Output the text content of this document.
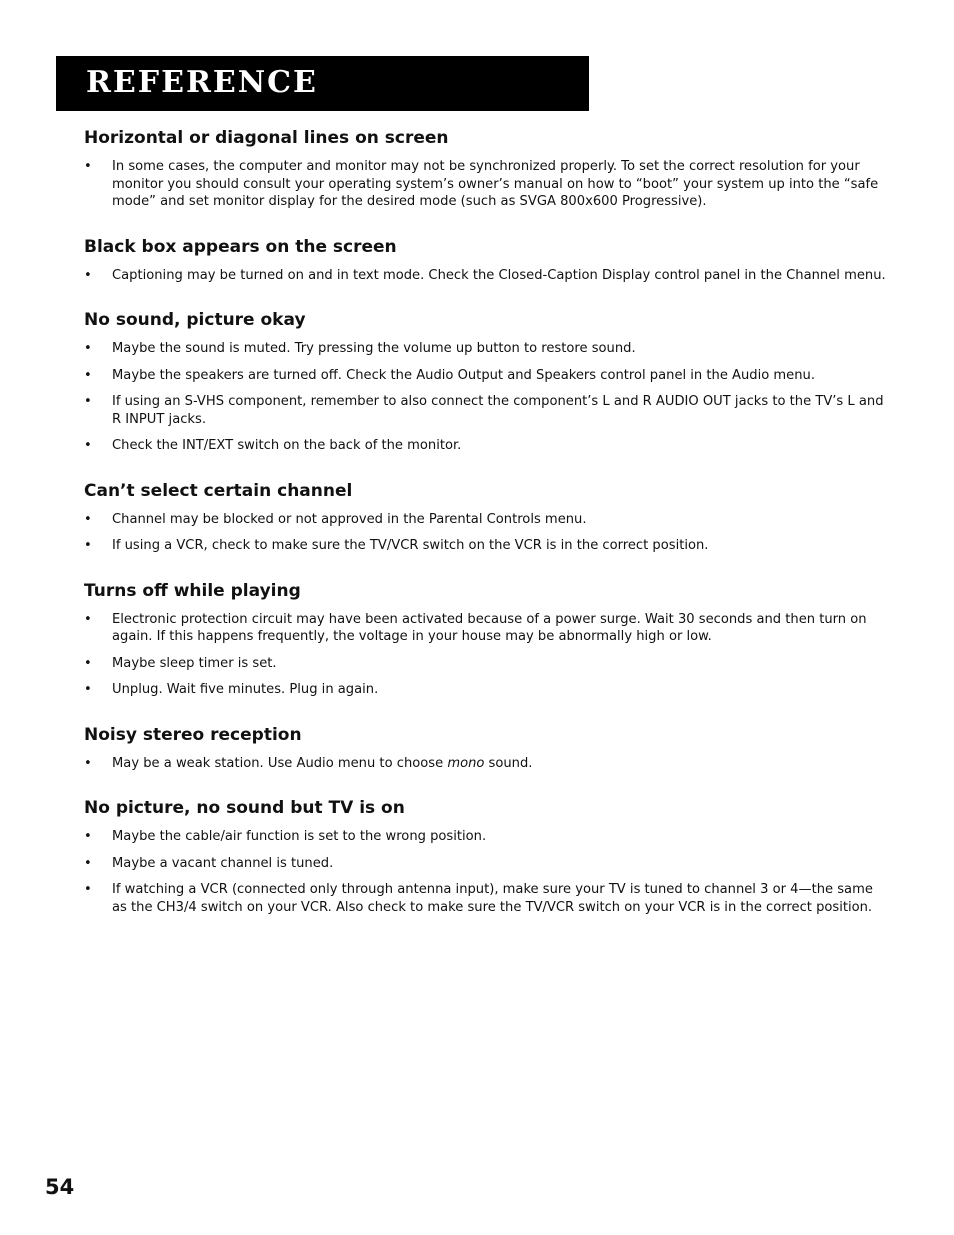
REFERENCE
Horizontal or diagonal lines on screen
• In some cases, the computer and monitor may not be synchronized properly. To set the correct resolution for your monitor you should consult your operating system’s owner’s manual on how to “boot” your system up into the “safe mode” and set monitor display for the desired mode (such as SVGA 800x600 Progressive).
Black box appears on the screen
• Captioning may be turned on and in text mode. Check the Closed-Caption Display control panel in the Channel menu.
No sound, picture okay
• Maybe the sound is muted. Try pressing the volume up button to restore sound.
• Maybe the speakers are turned off. Check the Audio Output and Speakers control panel in the Audio menu.
• If using an S-VHS component, remember to also connect the component’s L and R AUDIO OUT jacks to the TV’s L and R INPUT jacks.
• Check the INT/EXT switch on the back of the monitor.
Can’t select certain channel
• Channel may be blocked or not approved in the Parental Controls menu.
• If using a VCR, check to make sure the TV/VCR switch on the VCR is in the correct position.
Turns off while playing
• Electronic protection circuit may have been activated because of a power surge. Wait 30 seconds and then turn on again. If this happens frequently, the voltage in your house may be abnormally high or low.
• Maybe sleep timer is set.
• Unplug. Wait five minutes. Plug in again.
Noisy stereo reception
• May be a weak station. Use Audio menu to choose mono sound.
No picture, no sound but TV is on
• Maybe the cable/air function is set to the wrong position.
• Maybe a vacant channel is tuned.
• If watching a VCR (connected only through antenna input), make sure your TV is tuned to channel 3 or 4—the same as the CH3/4 switch on your VCR. Also check to make sure the TV/VCR switch on your VCR is in the correct position.

54
